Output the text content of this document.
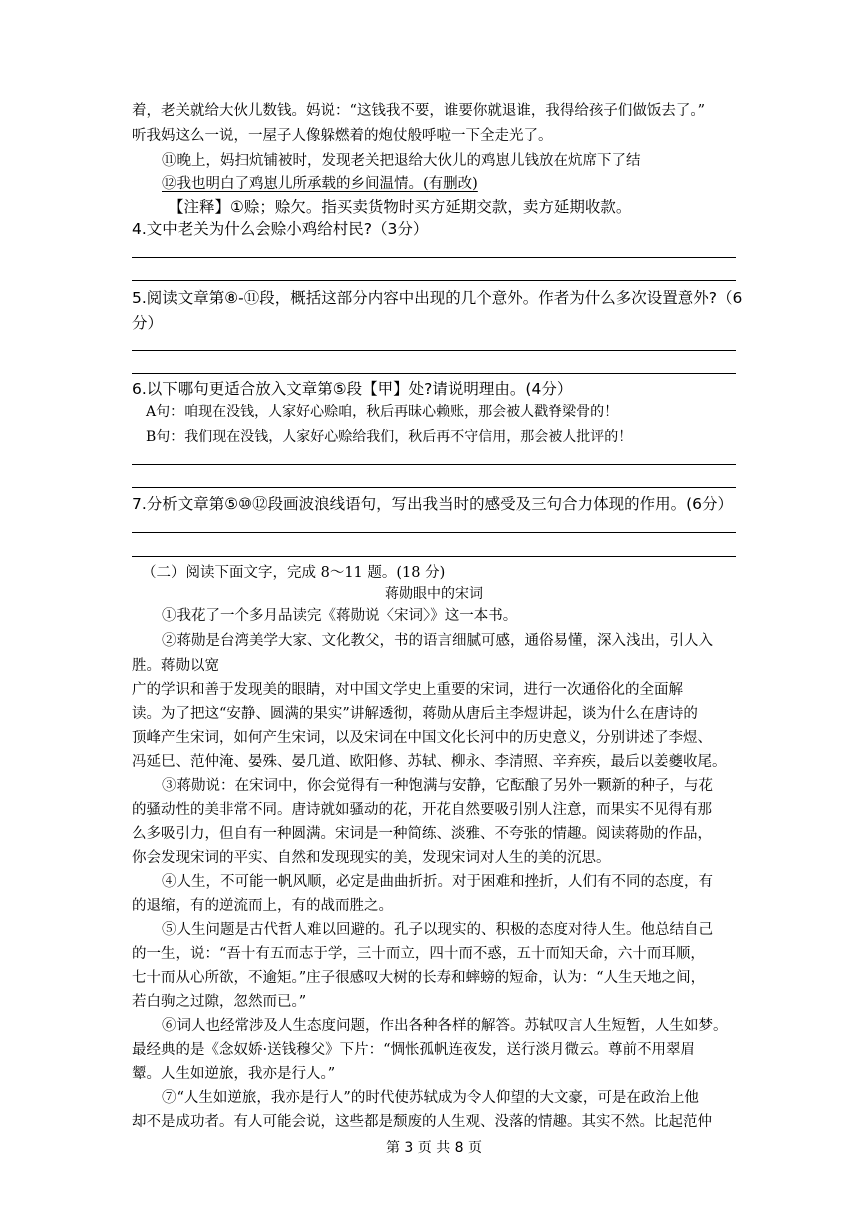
着，老关就给大伙儿数钱。妈说：“这钱我不要，谁要你就退谁，我得给孩子们做饭去了。”
听我妈这么一说，一屋子人像躲燃着的炮仗般呼啦一下全走光了。
⑪晚上，妈扫炕铺被时，发现老关把退给大伙儿的鸡崽儿钱放在炕席下了结
⑫我也明白了鸡崽儿所承载的乡间温情。(有删改)
【注释】①赊；赊欠。指买卖货物时买方延期交款，卖方延期收款。
4.文中老关为什么会赊小鸡给村民?（3分）
5.阅读文章第⑧-⑪段，概括这部分内容中出现的几个意外。作者为什么多次设置意外?（6
分）
6.以下哪句更适合放入文章第⑤段【甲】处?请说明理由。(4分）
A句：咱现在没钱，人家好心赊咱，秋后再昧心赖账，那会被人戳脊梁骨的！
B句：我们现在没钱，人家好心赊给我们，秋后再不守信用，那会被人批评的！
7.分析文章第⑤⑩⑫段画波浪线语句，写出我当时的感受及三句合力体现的作用。(6分）
（二）阅读下面文字，完成 8～11 题。(18 分)
蒋勋眼中的宋词
①我花了一个多月品读完《蒋勋说〈宋词〉》这一本书。
②蒋勋是台湾美学大家、文化教父，书的语言细腻可感，通俗易懂，深入浅出，引人入
胜。蒋勋以宽
广的学识和善于发现美的眼睛，对中国文学史上重要的宋词，进行一次通俗化的全面解
读。为了把这“安静、圆满的果实”讲解透彻，蒋勋从唐后主李煜讲起，谈为什么在唐诗的
顶峰产生宋词，如何产生宋词，以及宋词在中国文化长河中的历史意义，分别讲述了李煜、
冯延巳、范仲淹、晏殊、晏几道、欧阳修、苏轼、柳永、李清照、辛弃疾，最后以姜夔收尾。
③蒋勋说：在宋词中，你会觉得有一种饱满与安静，它酝酿了另外一颗新的种子，与花
的骚动性的美非常不同。唐诗就如骚动的花，开花自然要吸引别人注意，而果实不见得有那
么多吸引力，但自有一种圆满。宋词是一种简练、淡雅、不夸张的情趣。阅读蒋勋的作品，
你会发现宋词的平实、自然和发现现实的美，发现宋词对人生的美的沉思。
④人生，不可能一帆风顺，必定是曲曲折折。对于困难和挫折，人们有不同的态度，有
的退缩，有的逆流而上，有的战而胜之。
⑤人生问题是古代哲人难以回避的。孔子以现实的、积极的态度对待人生。他总结自己
的一生，说：“吾十有五而志于学，三十而立，四十而不惑，五十而知天命，六十而耳顺，
七十而从心所欲，不逾矩。”庄子很感叹大树的长寿和蟀螃的短命，认为：“人生天地之间，
若白驹之过隙，忽然而已。”
⑥词人也经常涉及人生态度问题，作出各种各样的解答。苏轼叹言人生短暂，人生如梦。
最经典的是《念奴娇·送钱穆父》下片：“惆怅孤帆连夜发，送行淡月微云。尊前不用翠眉
颦。人生如逆旅，我亦是行人。”
⑦“人生如逆旅，我亦是行人”的时代使苏轼成为令人仰望的大文豪，可是在政治上他
却不是成功者。有人可能会说，这些都是颓废的人生观、没落的情趣。其实不然。比起范仲
第 3 页 共 8 页
